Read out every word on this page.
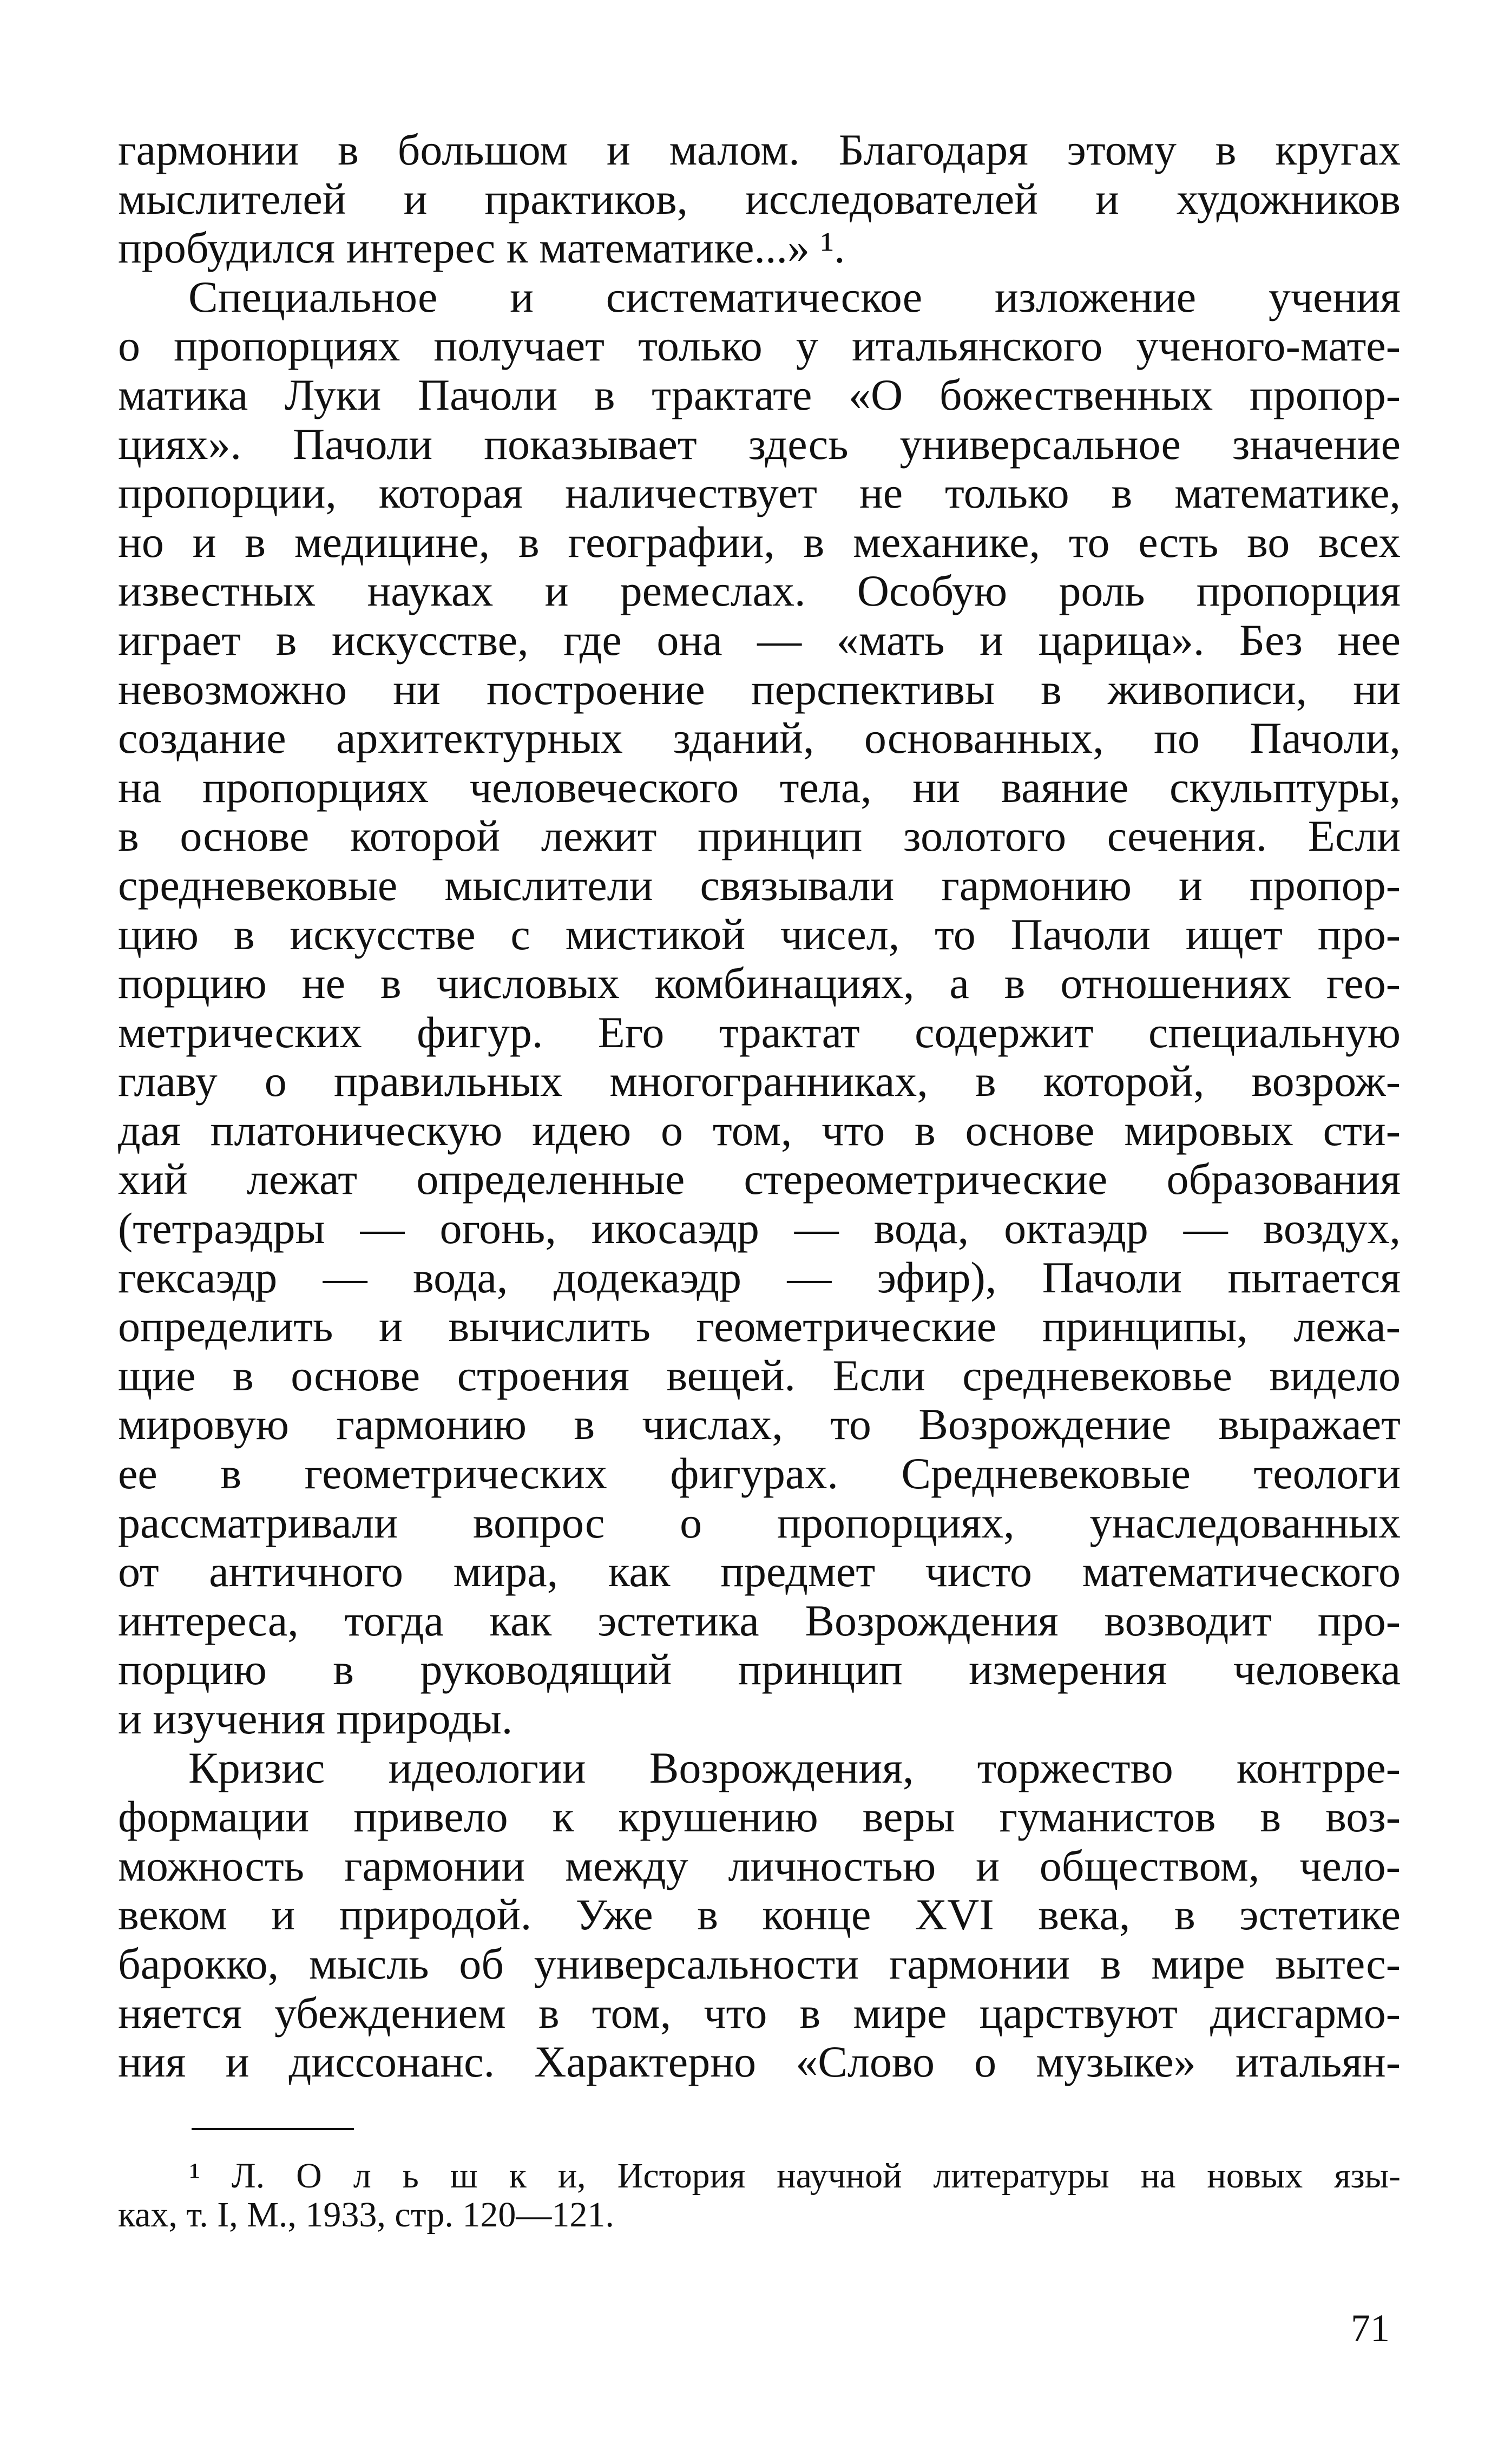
гармонии в большом и малом. Благодаря этому в кругах
мыслителей и практиков, исследователей и художников
пробудился интерес к математике...» ¹.
Специальное и систематическое изложение учения
о пропорциях получает только у итальянского ученого-мате-
матика Луки Пачоли в трактате «О божественных пропор-
циях». Пачоли показывает здесь универсальное значение
пропорции, которая наличествует не только в математике,
но и в медицине, в географии, в механике, то есть во всех
известных науках и ремеслах. Особую роль пропорция
играет в искусстве, где она — «мать и царица». Без нее
невозможно ни построение перспективы в живописи, ни
создание архитектурных зданий, основанных, по Пачоли,
на пропорциях человеческого тела, ни ваяние скульптуры,
в основе которой лежит принцип золотого сечения. Если
средневековые мыслители связывали гармонию и пропор-
цию в искусстве с мистикой чисел, то Пачоли ищет про-
порцию не в числовых комбинациях, а в отношениях гео-
метрических фигур. Его трактат содержит специальную
главу о правильных многогранниках, в которой, возрож-
дая платоническую идею о том, что в основе мировых сти-
хий лежат определенные стереометрические образования
(тетраэдры — огонь, икосаэдр — вода, октаэдр — воздух,
гексаэдр — вода, додекаэдр — эфир), Пачоли пытается
определить и вычислить геометрические принципы, лежа-
щие в основе строения вещей. Если средневековье видело
мировую гармонию в числах, то Возрождение выражает
ее в геометрических фигурах. Средневековые теологи
рассматривали вопрос о пропорциях, унаследованных
от античного мира, как предмет чисто математического
интереса, тогда как эстетика Возрождения возводит про-
порцию в руководящий принцип измерения человека
и изучения природы.
Кризис идеологии Возрождения, торжество контрре-
формации привело к крушению веры гуманистов в воз-
можность гармонии между личностью и обществом, чело-
веком и природой. Уже в конце XVI века, в эстетике
барокко, мысль об универсальности гармонии в мире вытес-
няется убеждением в том, что в мире царствуют дисгармо-
ния и диссонанс. Характерно «Слово о музыке» итальян-
¹ Л. О л ь ш к и, История научной литературы на новых язы-
ках, т. I, М., 1933, стр. 120—121.
71
